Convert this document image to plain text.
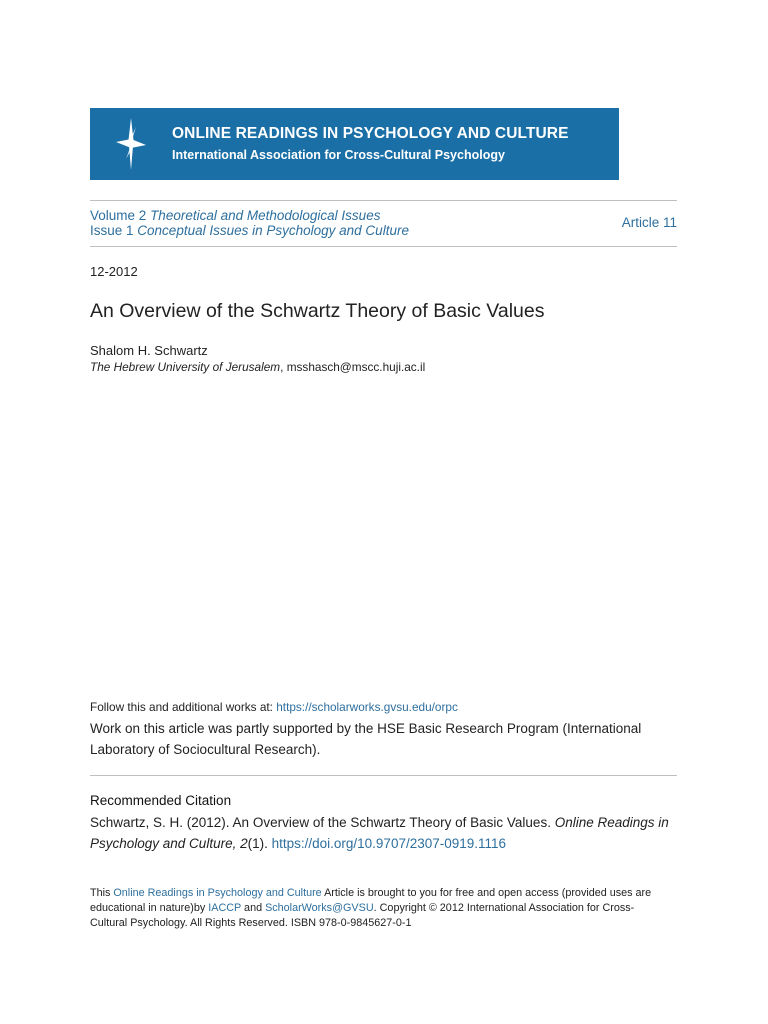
ONLINE READINGS IN PSYCHOLOGY AND CULTURE
International Association for Cross-Cultural Psychology
Volume 2 Theoretical and Methodological Issues
Issue 1 Conceptual Issues in Psychology and Culture	Article 11
12-2012
An Overview of the Schwartz Theory of Basic Values
Shalom H. Schwartz
The Hebrew University of Jerusalem, msshasch@mscc.huji.ac.il
Follow this and additional works at: https://scholarworks.gvsu.edu/orpc
Work on this article was partly supported by the HSE Basic Research Program (International Laboratory of Sociocultural Research).
Recommended Citation
Schwartz, S. H. (2012). An Overview of the Schwartz Theory of Basic Values. Online Readings in Psychology and Culture, 2(1). https://doi.org/10.9707/2307-0919.1116
This Online Readings in Psychology and Culture Article is brought to you for free and open access (provided uses are educational in nature)by IACCP and ScholarWorks@GVSU. Copyright © 2012 International Association for Cross-Cultural Psychology. All Rights Reserved. ISBN 978-0-9845627-0-1
